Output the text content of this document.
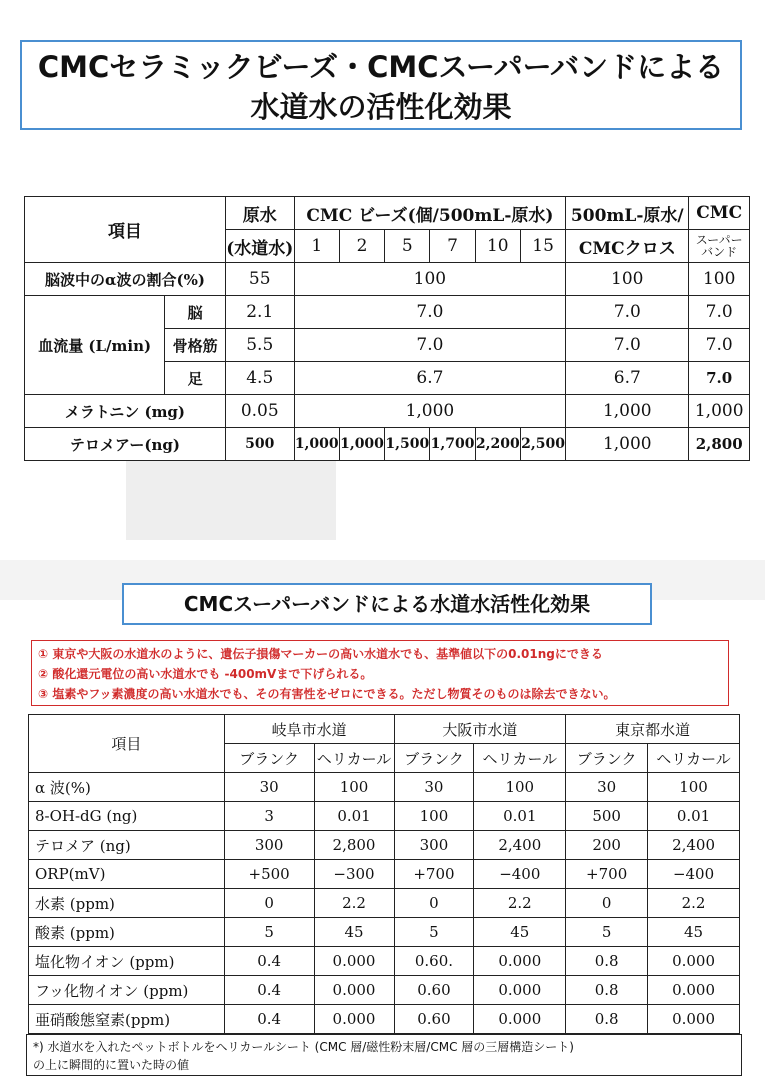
CMCセラミックビーズ・CMCスーパーバンドによる
水道水の活性化効果
項目		原水	CMC ビーズ(個/500mL-原水)						500mL-原水/	CMC
		(水道水)	1	2	5	7	10	15	CMCクロス	スーパー
バンド

脳波中のα波の割合(%)		55	100						100	100
血流量 (L/min)	脳	2.1	7.0						7.0	7.0
	骨格筋	5.5	7.0						7.0	7.0
	足	4.5	6.7						6.7	7.0
メラトニン (mg)		0.05	1,000						1,000	1,000
テロメアー(ng)		500	1,000	1,000	1,500	1,700	2,200	2,500	1,000	2,800
CMCスーパーバンドによる水道水活性化効果
① 東京や大阪の水道水のように、遺伝子損傷マーカーの高い水道水でも、基準値以下の0.01ngにできる
② 酸化還元電位の高い水道水でも -400mVまで下げられる。
③ 塩素やフッ素濃度の高い水道水でも、その有害性をゼロにできる。ただし物質そのものは除去できない。
項目	岐阜市水道		大阪市水道		東京都水道	
	ブランク	ヘリカール	ブランク	ヘリカール	ブランク	ヘリカール
α 波(%)	30	100	30	100	30	100
8-OH-dG (ng)	3	0.01	100	0.01	500	0.01
テロメア (ng)	300	2,800	300	2,400	200	2,400
ORP(mV)	+500	−300	+700	−400	+700	−400
水素 (ppm)	0	2.2	0	2.2	0	2.2
酸素 (ppm)	5	45	5	45	5	45
塩化物イオン (ppm)	0.4	0.000	0.60.	0.000	0.8	0.000
フッ化物イオン (ppm)	0.4	0.000	0.60	0.000	0.8	0.000
亜硝酸態窒素(ppm)	0.4	0.000	0.60	0.000	0.8	0.000
*) 水道水を入れたペットボトルをヘリカールシート (CMC 層/磁性粉末層/CMC 層の三層構造シート)
の上に瞬間的に置いた時の値
